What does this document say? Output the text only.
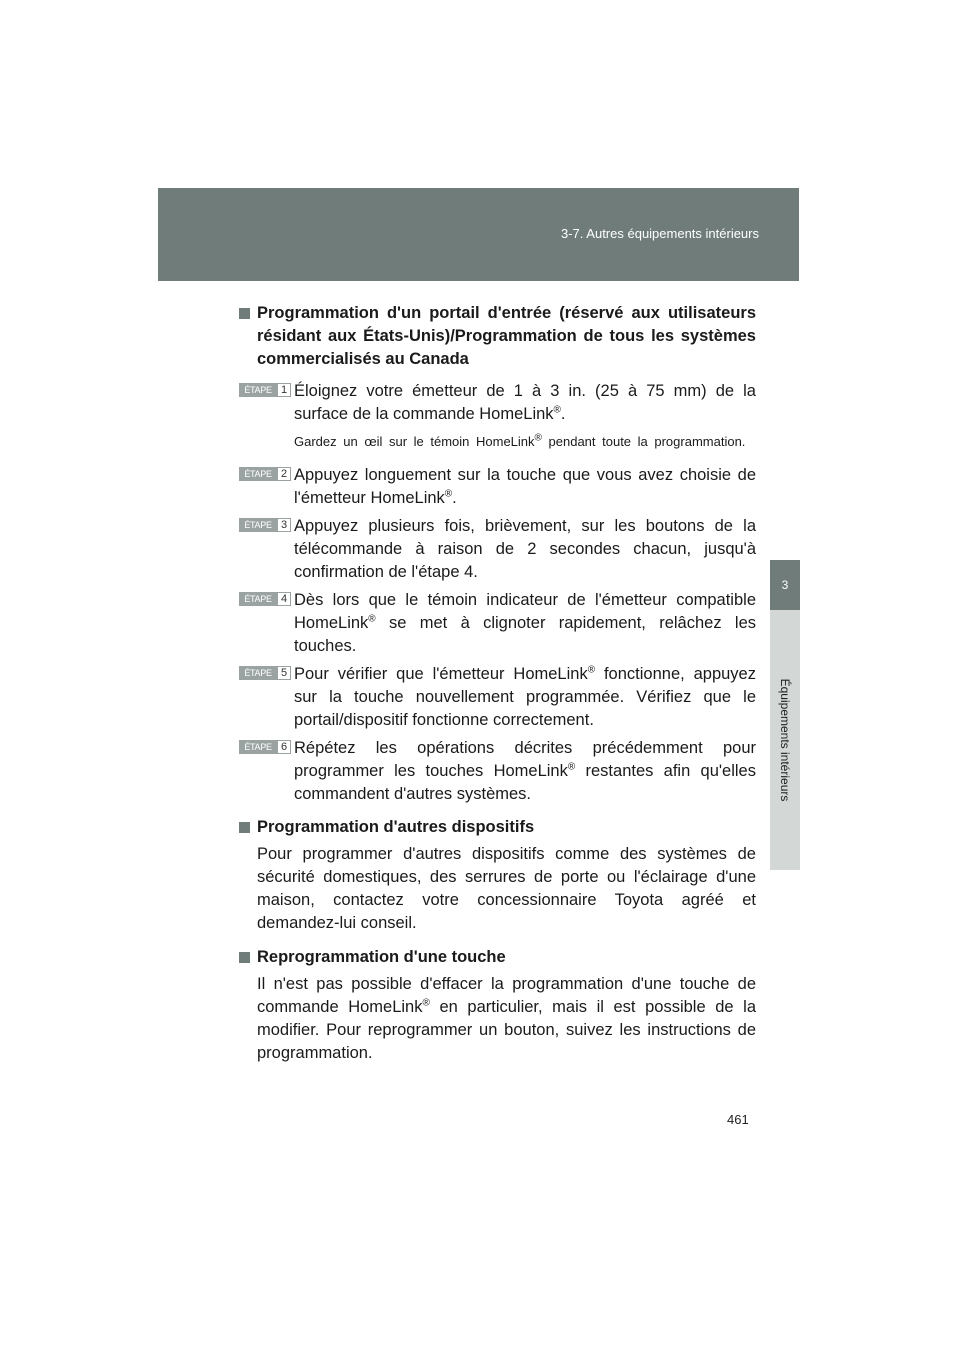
3-7. Autres équipements intérieurs
3
Équipements intérieurs
Programmation d'un portail d'entrée (réservé aux utilisateurs résidant aux États-Unis)/Programmation de tous les systèmes commercialisés au Canada
ÉTAPE 1 Éloignez votre émetteur de 1 à 3 in. (25 à 75 mm) de la surface de la commande HomeLink®.
Gardez un œil sur le témoin HomeLink® pendant toute la programmation.
ÉTAPE 2 Appuyez longuement sur la touche que vous avez choisie de l'émetteur HomeLink®.
ÉTAPE 3 Appuyez plusieurs fois, brièvement, sur les boutons de la télécommande à raison de 2 secondes chacun, jusqu'à confirmation de l'étape 4.
ÉTAPE 4 Dès lors que le témoin indicateur de l'émetteur compatible HomeLink® se met à clignoter rapidement, relâchez les touches.
ÉTAPE 5 Pour vérifier que l'émetteur HomeLink® fonctionne, appuyez sur la touche nouvellement programmée. Vérifiez que le portail/dispositif fonctionne correctement.
ÉTAPE 6 Répétez les opérations décrites précédemment pour programmer les touches HomeLink® restantes afin qu'elles commandent d'autres systèmes.
Programmation d'autres dispositifs
Pour programmer d'autres dispositifs comme des systèmes de sécurité domestiques, des serrures de porte ou l'éclairage d'une maison, contactez votre concessionnaire Toyota agréé et demandez-lui conseil.
Reprogrammation d'une touche
Il n'est pas possible d'effacer la programmation d'une touche de commande HomeLink® en particulier, mais il est possible de la modifier. Pour reprogrammer un bouton, suivez les instructions de programmation.
461
